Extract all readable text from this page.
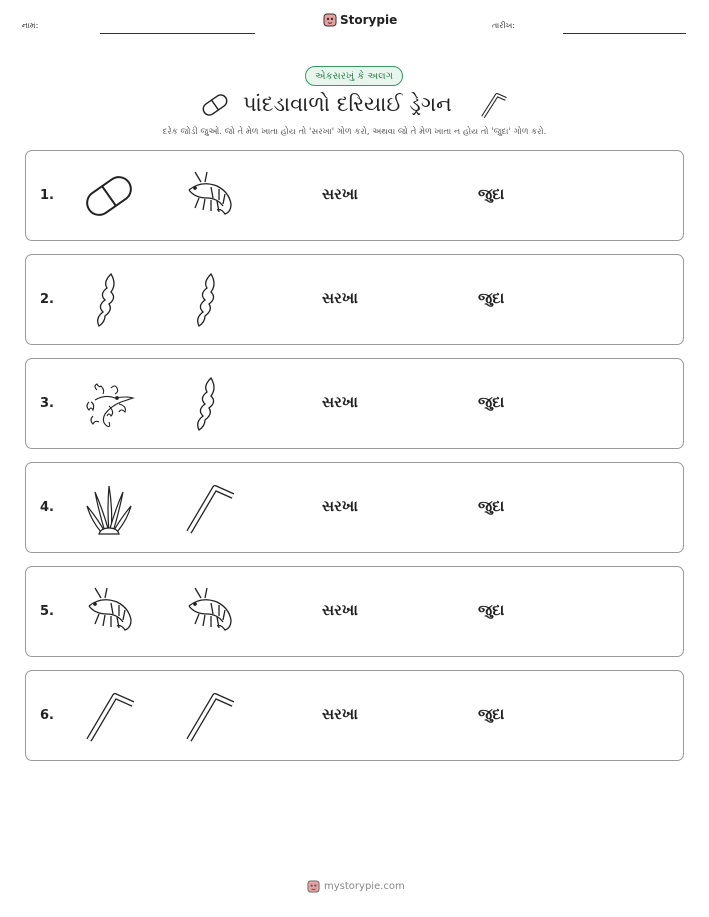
નામ:	Storypie	તારીખ:
એકસરખું કે અલગ
પાંદડાવાળો દરિયાઈ ડ્રેગન
દરેક જોડી જુઓ. જો તે મેળ ખાતા હોય તો 'સરખા' ગોળ કરો, અથવા જો તે મેળ ખાતા ન હોય તો 'જુદા' ગોળ કરો.
1.	સરખા	જુદા
2.	સરખા	જુદા
3.	સરખા	જુદા
4.	સરખા	જુદા
5.	સરખા	જુદા
6.	સરખા	જુદા
mystorypie.com
